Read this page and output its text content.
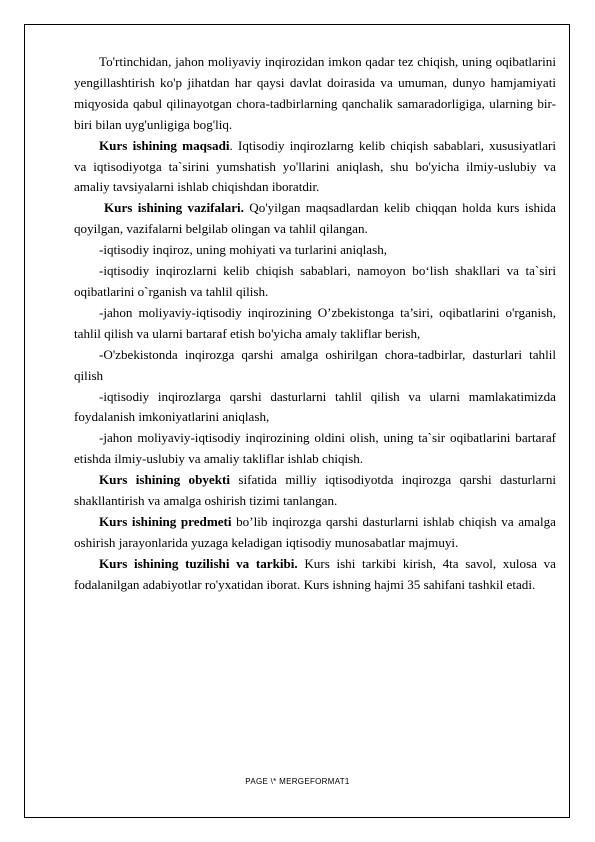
To'rtinchidan, jahon moliyaviy inqirozidan imkon qadar tez chiqish, uning oqibatlarini yengillashtirish ko'p jihatdan har qaysi davlat doirasida va umuman, dunyo hamjamiyati miqyosida qabul qilinayotgan chora-tadbirlarning qanchalik samaradorligiga, ularning bir-biri bilan uyg'unligiga bog'liq.

Kurs ishining maqsadi. Iqtisodiy inqirozlarng kelib chiqish sabablari, xususiyatlari va iqtisodiyotga ta`sirini yumshatish yo'llarini aniqlash, shu bo'yicha ilmiy-uslubiy va amaliy tavsiyalarni ishlab chiqishdan iboratdir.

Kurs ishining vazifalari. Qo'yilgan maqsadlardan kelib chiqqan holda kurs ishida qoyilgan, vazifalarni belgilab olingan va tahlil qilangan.

-iqtisodiy inqiroz, uning mohiyati va turlarini aniqlash,

-iqtisodiy inqirozlarni kelib chiqish sabablari, namoyon bo‘lish shakllari va ta`siri oqibatlarini o`rganish va tahlil qilish.

-jahon moliyaviy-iqtisodiy inqirozining O’zbekistonga ta’siri, oqibatlarini o'rganish, tahlil qilish va ularni bartaraf etish bo'yicha amaly takliflar berish,

-O'zbekistonda inqirozga qarshi amalga oshirilgan chora-tadbirlar, dasturlari tahlil qilish

-iqtisodiy inqirozlarga qarshi dasturlarni tahlil qilish va ularni mamlakatimizda foydalanish imkoniyatlarini aniqlash,

-jahon moliyaviy-iqtisodiy inqirozining oldini olish, uning ta`sir oqibatlarini bartaraf etishda ilmiy-uslubiy va amaliy takliflar ishlab chiqish.

Kurs ishining obyekti sifatida milliy iqtisodiyotda inqirozga qarshi dasturlarni shakllantirish va amalga oshirish tizimi tanlangan.

Kurs ishining predmeti bo’lib inqirozga qarshi dasturlarni ishlab chiqish va amalga oshirish jarayonlarida yuzaga keladigan iqtisodiy munosabatlar majmuyi.

Kurs ishining tuzilishi va tarkibi. Kurs ishi tarkibi kirish, 4ta savol, xulosa va fodalanilgan adabiyotlar ro'yxatidan iborat. Kurs ishning hajmi 35 sahifani tashkil etadi.

PAGE \* MERGEFORMAT1
